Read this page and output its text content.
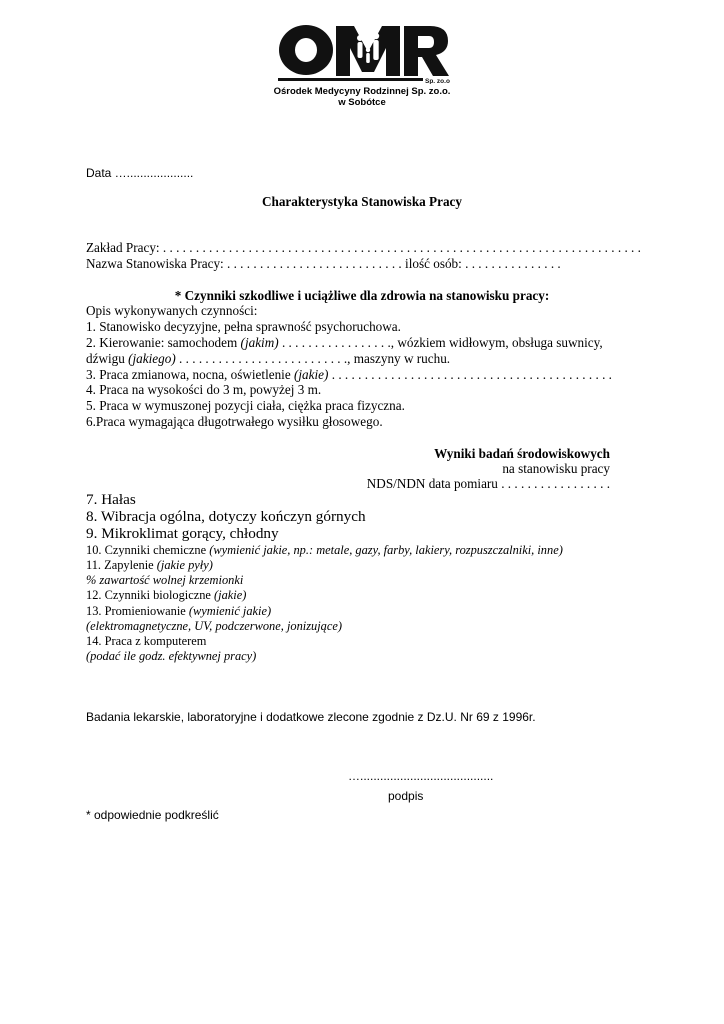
Sp. zo.o.
Ośrodek Medycyny Rodzinnej Sp. zo.o.
w Sobótce
Data …....................
Charakterystyka Stanowiska Pracy
Zakład Pracy: . . . . . . . . . . . . . . . . . . . . . . . . . . . . . . . . . . . . . . . . . . . . . . . . . . . . . . . . . . . . . . . . . . . . . . . . .
Nazwa Stanowiska Pracy: . . . . . . . . . . . . . . . . . . . . . . . . . . . ilość osób: . . . . . . . . . . . . . . .
* Czynniki szkodliwe i uciążliwe dla zdrowia na stanowisku pracy:
Opis wykonywanych czynności:
1. Stanowisko decyzyjne, pełna sprawność psychoruchowa.
2. Kierowanie: samochodem (jakim) . . . . . . . . . . . . . . . . ., wózkiem widłowym, obsługa suwnicy,
dźwigu (jakiego) . . . . . . . . . . . . . . . . . . . . . . . . . ., maszyny w ruchu.
3. Praca zmianowa, nocna, oświetlenie (jakie) . . . . . . . . . . . . . . . . . . . . . . . . . . . . . . . . . . . . . . . . . . .
4. Praca na wysokości do 3 m, powyżej 3 m.
5. Praca w wymuszonej pozycji ciała, ciężka praca fizyczna.
6.Praca wymagająca długotrwałego wysiłku głosowego.
Wyniki badań środowiskowych
na stanowisku pracy
NDS/NDN data pomiaru . . . . . . . . . . . . . . . . .
7. Hałas
8. Wibracja ogólna, dotyczy kończyn górnych
9. Mikroklimat gorący, chłodny
10. Czynniki chemiczne (wymienić jakie, np.: metale, gazy, farby, lakiery, rozpuszczalniki, inne)
11. Zapylenie (jakie pyły)
% zawartość wolnej krzemionki
12. Czynniki biologiczne (jakie)
13. Promieniowanie (wymienić jakie)
(elektromagnetyczne, UV, podczerwone, jonizujące)
14. Praca z komputerem
(podać ile godz. efektywnej pracy)
Badania lekarskie, laboratoryjne i dodatkowe zlecone zgodnie z Dz.U. Nr 69 z 1996r.
…........................................
podpis
* odpowiednie podkreślić
